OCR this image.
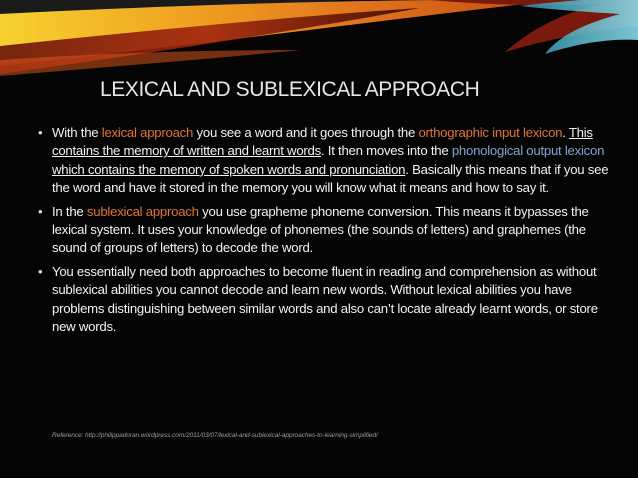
LEXICAL AND SUBLEXICAL APPROACH
• With the lexical approach you see a word and it goes through the orthographic input lexicon. This contains the memory of written and learnt words. It then moves into the phonological output lexicon which contains the memory of spoken words and pronunciation. Basically this means that if you see the word and have it stored in the memory you will know what it means and how to say it.
• In the sublexical approach you use grapheme phoneme conversion. This means it bypasses the lexical system. It uses your knowledge of phonemes (the sounds of letters) and graphemes (the sound of groups of letters) to decode the word.
• You essentially need both approaches to become fluent in reading and comprehension as without sublexical abilities you cannot decode and learn new words. Without lexical abilities you have problems distinguishing between similar words and also can’t locate already learnt words, or store new words.
Reference: http://philippadoran.wordpress.com/2011/03/07/lexical-and-sublexical-approaches-to-learning-simplified/
